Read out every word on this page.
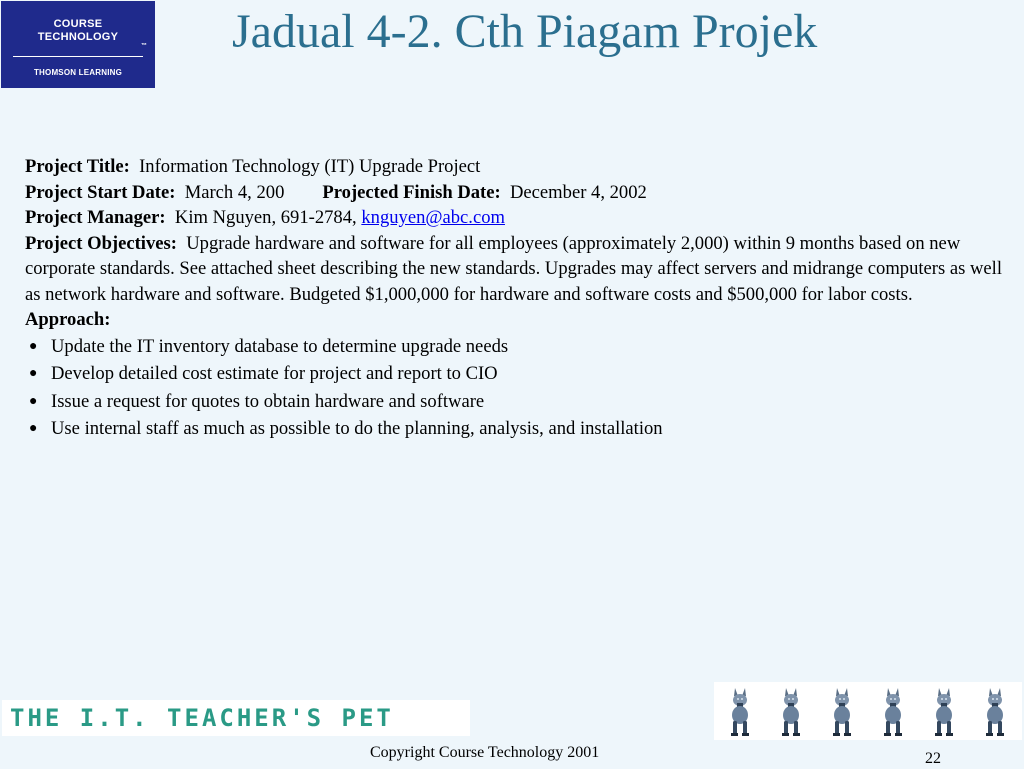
COURSE
TECHNOLOGY
™
THOMSON LEARNING
Jadual 4-2. Cth Piagam Projek

Project Title: Information Technology (IT) Upgrade Project

Project Start Date: March 4, 200 Projected Finish Date: December 4, 2002

Project Manager: Kim Nguyen, 691-2784, knguyen@abc.com

Project Objectives: Upgrade hardware and software for all employees (approximately 2,000) within 9 months based on new corporate standards. See attached sheet describing the new standards. Upgrades may affect servers and midrange computers as well as network hardware and software. Budgeted $1,000,000 for hardware and software costs and $500,000 for labor costs.

Approach:

● Update the IT inventory database to determine upgrade needs
● Develop detailed cost estimate for project and report to CIO
● Issue a request for quotes to obtain hardware and software
● Use internal staff as much as possible to do the planning, analysis, and installation
THE I.T. TEACHER'S PET
Copyright Course Technology 2001	22
